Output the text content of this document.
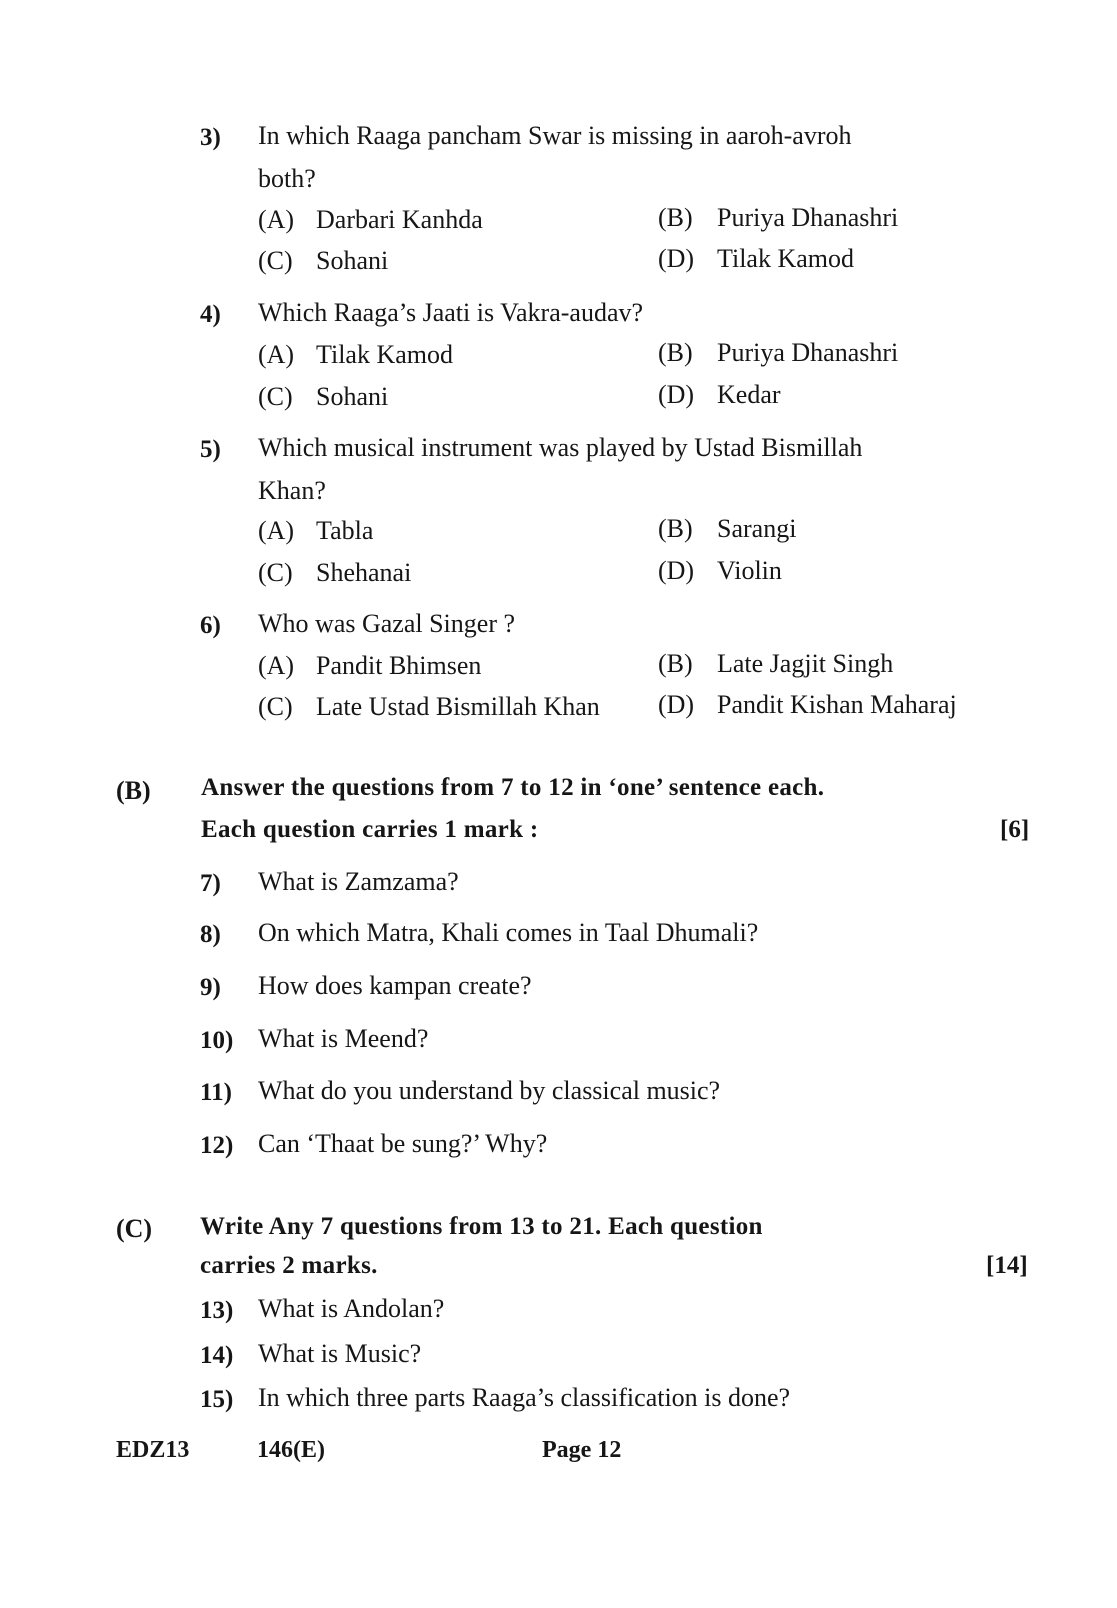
3) In which Raaga pancham Swar is missing in aaroh-avroh
both?
(A) Darbari Kanhda	(B) Puriya Dhanashri
(C) Sohani	(D) Tilak Kamod
4) Which Raaga’s Jaati is Vakra-audav?
(A) Tilak Kamod	(B) Puriya Dhanashri
(C) Sohani	(D) Kedar
5) Which musical instrument was played by Ustad Bismillah
Khan?
(A) Tabla	(B) Sarangi
(C) Shehanai	(D) Violin
6) Who was Gazal Singer ?
(A) Pandit Bhimsen	(B) Late Jagjit Singh
(C) Late Ustad Bismillah Khan (D) Pandit Kishan Maharaj
(B) Answer the questions from 7 to 12 in ‘one’ sentence each.
Each question carries 1 mark :	[6]
7) What is Zamzama?
8) On which Matra, Khali comes in Taal Dhumali?
9) How does kampan create?
10) What is Meend?
11) What do you understand by classical music?
12) Can ‘Thaat be sung?’ Why?
(C) Write Any 7 questions from 13 to 21. Each question
carries 2 marks.	[14]
13) What is Andolan?
14) What is Music?
15) In which three parts Raaga’s classification is done?
EDZ13	146(E)	Page 12
